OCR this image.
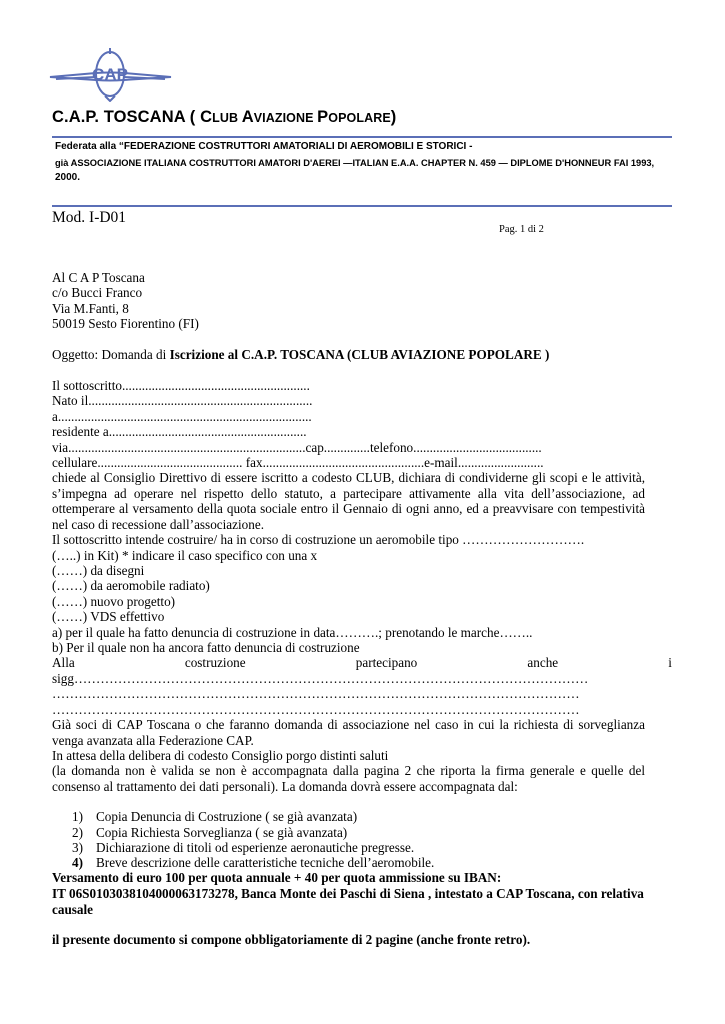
CAP
C.A.P. TOSCANA ( CLUB AVIAZIONE POPOLARE)
Federata alla “FEDERAZIONE COSTRUTTORI AMATORIALI DI AEROMOBILI E STORICI -
già ASSOCIAZIONE ITALIANA COSTRUTTORI AMATORI D'AEREI —ITALIAN E.A.A. CHAPTER N. 459 — DIPLOME D'HONNEUR FAI 1993,
2000.
Mod. I-D01
Pag. 1 di 2
Al C A P Toscana
c/o Bucci Franco
Via M.Fanti, 8
50019 Sesto Fiorentino (FI)
Oggetto: Domanda di Iscrizione al C.A.P. TOSCANA (CLUB AVIAZIONE POPOLARE )
Il sottoscritto.........................................................
Nato il....................................................................
a.............................................................................
residente a............................................................
via........................................................................cap..............telefono.......................................
cellulare............................................ fax.................................................e-mail..........................
chiede al Consiglio Direttivo di essere iscritto a codesto CLUB, dichiara di condividerne gli scopi e le attività, s’impegna ad operare nel rispetto dello statuto, a partecipare attivamente alla vita dell’associazione, ad ottemperare al versamento della quota sociale entro il Gennaio di ogni anno, ed a preavvisare con tempestività nel caso di recessione dall’associazione.
Il sottoscritto intende costruire/ ha in corso di costruzione un aeromobile tipo ……………………….
(…..) in Kit) * indicare il caso specifico con una x
(……) da disegni
(……) da aeromobile radiato)
(……) nuovo progetto)
(……) VDS effettivo
a) per il quale ha fatto denuncia di costruzione in data……….; prenotando le marche……..
b) Per il quale non ha ancora fatto denuncia di costruzione
Alla	costruzione	partecipano	anche	i
sigg………………………………………………………………………………………………………
…………………………………………………………………………………………………………
…………………………………………………………………………………………………………
Già soci di CAP Toscana o che faranno domanda di associazione nel caso in cui la richiesta di sorveglianza venga avanzata alla Federazione CAP.
In attesa della delibera di codesto Consiglio porgo distinti saluti
(la domanda non è valida se non è accompagnata dalla pagina 2 che riporta la firma generale e quelle del consenso al trattamento dei dati personali). La domanda dovrà essere accompagnata dal:
1) Copia Denuncia di Costruzione ( se già avanzata)
2) Copia Richiesta Sorveglianza ( se già avanzata)
3) Dichiarazione di titoli od esperienze aeronautiche pregresse.
4) Breve descrizione delle caratteristiche tecniche dell’aeromobile.
Versamento di euro 100 per quota annuale + 40 per quota ammissione su IBAN:
IT 06S0103038104000063173278, Banca Monte dei Paschi di Siena , intestato a CAP Toscana, con relativa causale
il presente documento si compone obbligatoriamente di 2 pagine (anche fronte retro).
